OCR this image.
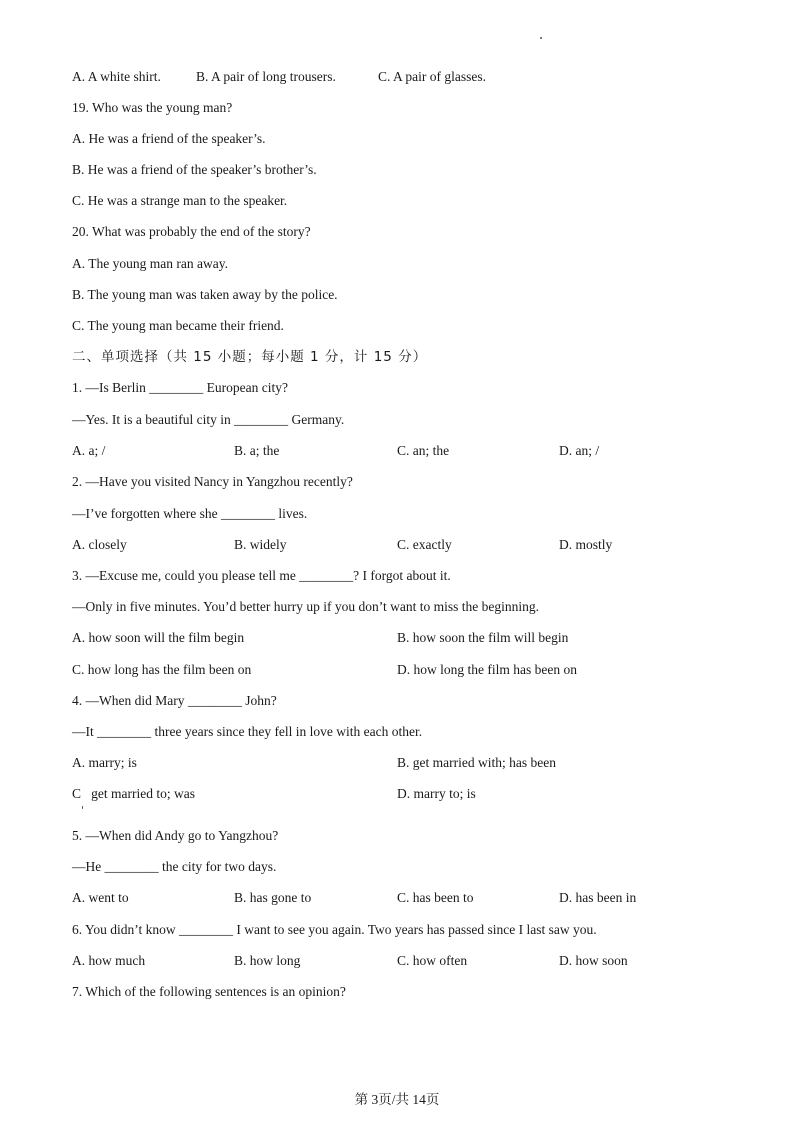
A. A white shirt.	B. A pair of long trousers.	C. A pair of glasses.
19. Who was the young man?
A. He was a friend of the speaker’s.
B. He was a friend of the speaker’s brother’s.
C. He was a strange man to the speaker.
20. What was probably the end of the story?
A. The young man ran away.
B. The young man was taken away by the police.
C. The young man became their friend.
二、单项选择（共 15 小题；每小题 1 分，计 15 分）
1. —Is Berlin ________ European city?
—Yes. It is a beautiful city in ________ Germany.
A. a; /	B. a; the	C. an; the	D. an; /
2. —Have you visited Nancy in Yangzhou recently?
—I’ve forgotten where she ________ lives.
A. closely	B. widely	C. exactly	D. mostly
3. —Excuse me, could you please tell me ________? I forgot about it.
—Only in five minutes. You’d better hurry up if you don’t want to miss the beginning.
A. how soon will the film begin	B. how soon the film will begin
C. how long has the film been on	D. how long the film has been on
4. —When did Mary ________ John?
—It ________ three years since they fell in love with each other.
A. marry; is	B. get married with; has been
C   get married to; was	D. marry to; is
5. —When did Andy go to Yangzhou?
—He ________ the city for two days.
A. went to	B. has gone to	C. has been to	D. has been in
6. You didn’t know ________ I want to see you again. Two years has passed since I last saw you.
A. how much	B. how long	C. how often	D. how soon
7. Which of the following sentences is an opinion?
第 3页/共 14页
